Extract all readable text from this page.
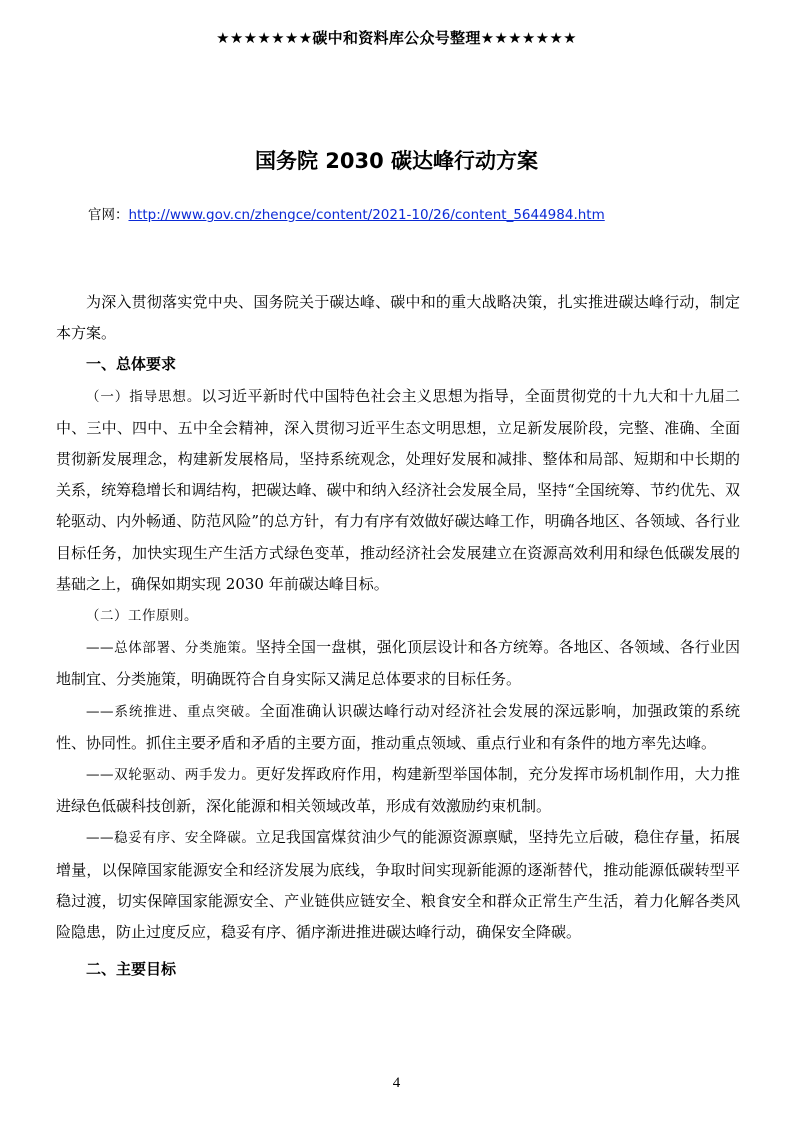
★★★★★★★碳中和资料库公众号整理★★★★★★★
国务院 2030 碳达峰行动方案
官网：http://www.gov.cn/zhengce/content/2021-10/26/content_5644984.htm

为深入贯彻落实党中央、国务院关于碳达峰、碳中和的重大战略决策，扎实推进碳达峰行动，制定本方案。

一、总体要求

（一）指导思想。以习近平新时代中国特色社会主义思想为指导，全面贯彻党的十九大和十九届二中、三中、四中、五中全会精神，深入贯彻习近平生态文明思想，立足新发展阶段，完整、准确、全面贯彻新发展理念，构建新发展格局，坚持系统观念，处理好发展和减排、整体和局部、短期和中长期的关系，统筹稳增长和调结构，把碳达峰、碳中和纳入经济社会发展全局，坚持“全国统筹、节约优先、双轮驱动、内外畅通、防范风险”的总方针，有力有序有效做好碳达峰工作，明确各地区、各领域、各行业目标任务，加快实现生产生活方式绿色变革，推动经济社会发展建立在资源高效利用和绿色低碳发展的基础之上，确保如期实现 2030 年前碳达峰目标。

（二）工作原则。

——总体部署、分类施策。坚持全国一盘棋，强化顶层设计和各方统筹。各地区、各领域、各行业因地制宜、分类施策，明确既符合自身实际又满足总体要求的目标任务。

——系统推进、重点突破。全面准确认识碳达峰行动对经济社会发展的深远影响，加强政策的系统性、协同性。抓住主要矛盾和矛盾的主要方面，推动重点领域、重点行业和有条件的地方率先达峰。

——双轮驱动、两手发力。更好发挥政府作用，构建新型举国体制，充分发挥市场机制作用，大力推进绿色低碳科技创新，深化能源和相关领域改革，形成有效激励约束机制。

——稳妥有序、安全降碳。立足我国富煤贫油少气的能源资源禀赋，坚持先立后破，稳住存量，拓展增量，以保障国家能源安全和经济发展为底线，争取时间实现新能源的逐渐替代，推动能源低碳转型平稳过渡，切实保障国家能源安全、产业链供应链安全、粮食安全和群众正常生产生活，着力化解各类风险隐患，防止过度反应，稳妥有序、循序渐进推进碳达峰行动，确保安全降碳。

二、主要目标

4
